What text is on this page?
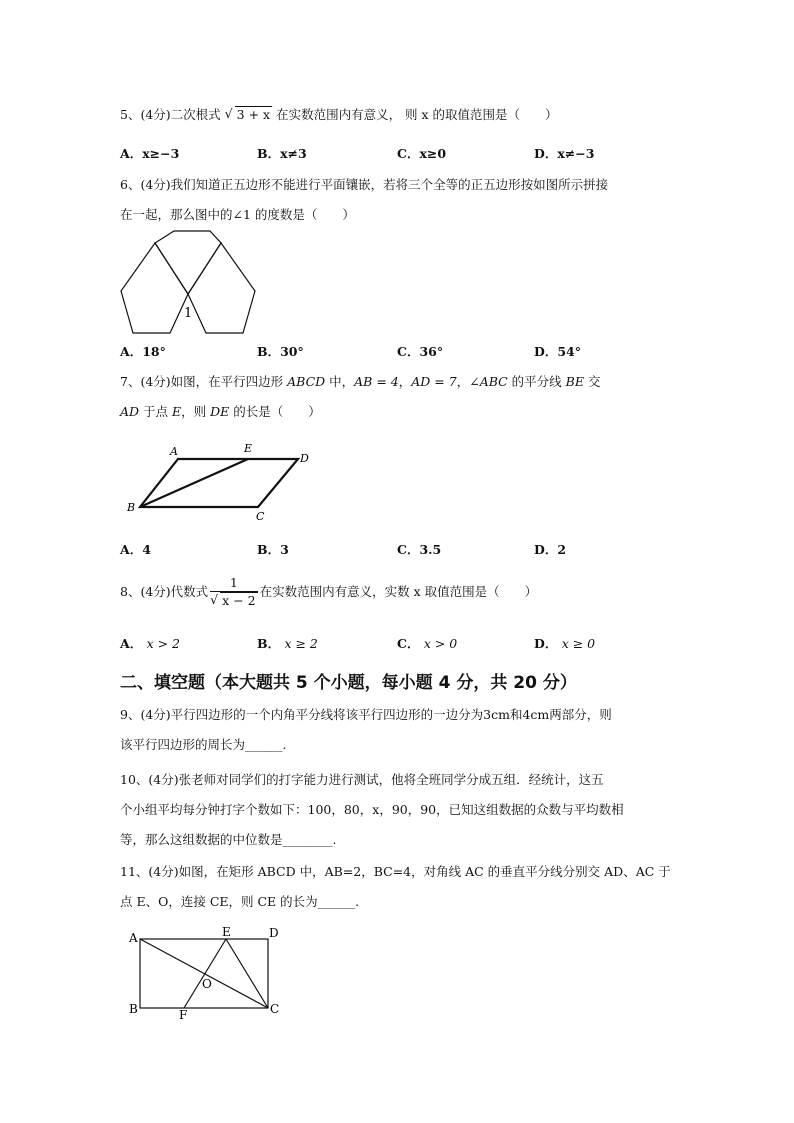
5、(4分)二次根式 √ 3 + x 在实数范围内有意义， 则 x 的取值范围是（　　）
A．x≥−3	B．x≠3	C．x≥0	D．x≠−3
6、(4分)我们知道正五边形不能进行平面镶嵌，若将三个全等的正五边形按如图所示拼接
在一起，那么图中的∠1 的度数是（　　）
1
A．18°	B．30°	C．36°	D．54°
7、(4分)如图，在平行四边形 ABCD 中，AB = 4，AD = 7，∠ABC 的平分线 BE 交
AD 于点 E，则 DE 的长是（　　）
A	E
D
B
C
A．4	B．3	C．3.5	D．2
8、(4分)代数式 $\frac{1}{√ x - 2}$ 在实数范围内有意义，实数 x 取值范围是（　　）
A． x > 2	B． x ≥ 2	C． x > 0	D． x ≥ 0
二、填空题（本大题共 5 个小题，每小题 4 分，共 20 分）
9、(4分)平行四边形的一个内角平分线将该平行四边形的一边分为3cm和4cm两部分，则
该平行四边形的周长为______.
10、(4分)张老师对同学们的打字能力进行测试，他将全班同学分成五组．经统计，这五
个小组平均每分钟打字个数如下：100，80，x，90，90，已知这组数据的众数与平均数相
等，那么这组数据的中位数是________.
11、(4分)如图，在矩形 ABCD 中，AB=2，BC=4，对角线 AC 的垂直平分线分别交 AD、AC 于
点 E、O，连接 CE，则 CE 的长为______.
A	E	D
O
B	F	C
